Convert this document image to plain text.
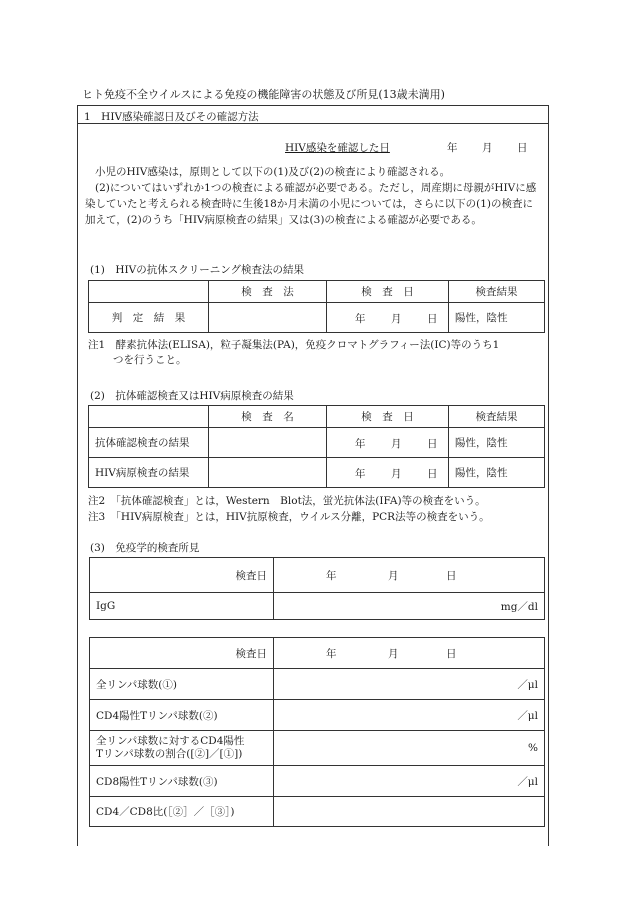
ヒト免疫不全ウイルスによる免疫の機能障害の状態及び所見(13歳未満用)
1　HIV感染確認日及びその確認方法
HIV感染を確認した日	年 月 日
小児のHIV感染は，原則として以下の(1)及び(2)の検査により確認される。
(2)についてはいずれか1つの検査による確認が必要である。ただし，周産期に母親がHIVに感染していたと考えられる検査時に生後18か月未満の小児については，さらに以下の(1)の検査に加えて，(2)のうち「HIV病原検査の結果」又は(3)の検査による確認が必要である。
(1)　HIVの抗体スクリーニング検査法の結果
	検　査　法	検　査　日	検査結果
判　定　結　果		年 月 日	陽性，陰性
注1　酵素抗体法(ELISA)，粒子凝集法(PA)，免疫クロマトグラフィー法(IC)等のうち1
つを行うこと。
(2)　抗体確認検査又はHIV病原検査の結果
	検　査　名	検　査　日	検査結果
抗体確認検査の結果		年 月 日	陽性，陰性
HIV病原検査の結果		年 月 日	陽性，陰性
注2　「抗体確認検査」とは，Western　Blot法，蛍光抗体法(IFA)等の検査をいう。
注3　「HIV病原検査」とは，HIV抗原検査，ウイルス分離，PCR法等の検査をいう。
(3)　免疫学的検査所見
検査日	年 月 日

IgG	mg／dl
検査日	年 月 日

全リンパ球数(①)	／μl
CD4陽性Tリンパ球数(②)	／μl

全リンパ球数に対するCD4陽性
Tリンパ球数の割合([②]／[①])	%
CD8陽性Tリンパ球数(③)	／μl
CD4／CD8比(［②］／［③］)	
